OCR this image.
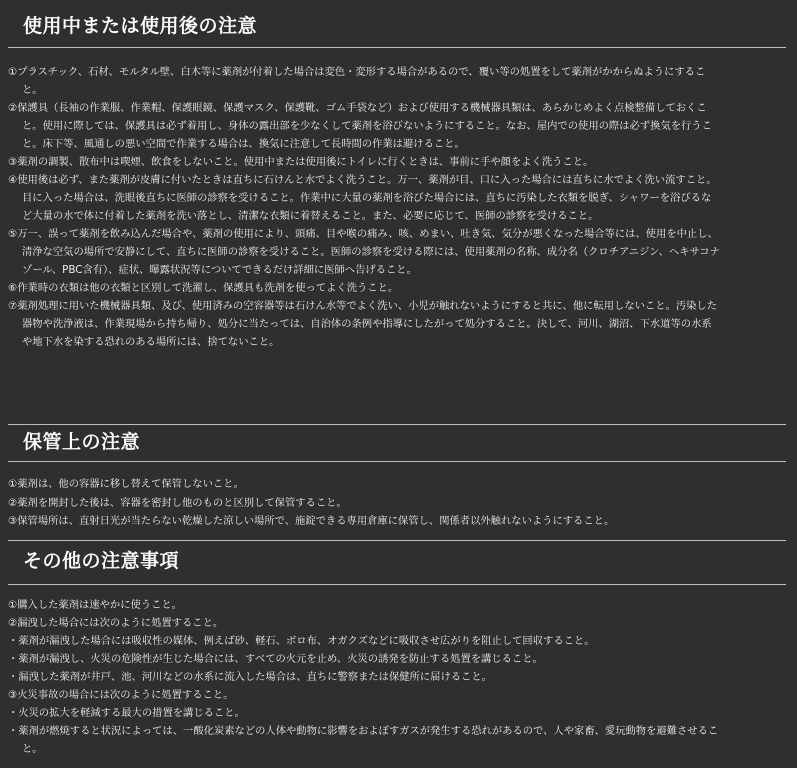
使用中または使用後の注意

①プラスチック、石材、モルタル壁、白木等に薬剤が付着した場合は変色・変形する場合があるので、覆い等の処置をして薬剤がかからぬようにすること。

②保護具（長袖の作業服、作業帽、保護眼鏡、保護マスク、保護靴、ゴム手袋など）および使用する機械器具類は、あらかじめよく点検整備しておくこと。使用に際しては、保護具は必ず着用し、身体の露出部を少なくして薬剤を浴びないようにすること。なお、屋内での使用の際は必ず換気を行うこと。床下等、風通しの悪い空間で作業する場合は、換気に注意して長時間の作業は避けること。

③薬剤の調製、散布中は喫煙、飲食をしないこと。使用中または使用後にトイレに行くときは、事前に手や顔をよく洗うこと。

④使用後は必ず、また薬剤が皮膚に付いたときは直ちに石けんと水でよく洗うこと。万一、薬剤が目、口に入った場合には直ちに水でよく洗い流すこと。目に入った場合は、洗眼後直ちに医師の診察を受けること。作業中に大量の薬剤を浴びた場合には、直ちに汚染した衣類を脱ぎ、シャワーを浴びるなど大量の水で体に付着した薬剤を洗い落とし、清潔な衣類に着替えること。また、必要に応じて、医師の診察を受けること。

⑤万一、誤って薬剤を飲み込んだ場合や、薬剤の使用により、頭痛、目や喉の痛み、咳、めまい、吐き気、気分が悪くなった場合等には、使用を中止し、清浄な空気の場所で安静にして、直ちに医師の診察を受けること。医師の診察を受ける際には、使用薬剤の名称、成分名（クロチアニジン、ヘキサコナゾール、PBC含有）、症状、曝露状況等についてできるだけ詳細に医師へ告げること。

⑥作業時の衣類は他の衣類と区別して洗濯し、保護具も洗剤を使ってよく洗うこと。

⑦薬剤処理に用いた機械器具類、及び、使用済みの空容器等は石けん水等でよく洗い、小児が触れないようにすると共に、他に転用しないこと。汚染した器物や洗浄液は、作業現場から持ち帰り、処分に当たっては、自治体の条例や指導にしたがって処分すること。決して、河川、湖沼、下水道等の水系や地下水を染する恐れのある場所には、捨てないこと。

保管上の注意

①薬剤は、他の容器に移し替えて保管しないこと。

②薬剤を開封した後は、容器を密封し他のものと区別して保管すること。

③保管場所は、直射日光が当たらない乾燥した涼しい場所で、施錠できる専用倉庫に保管し、関係者以外触れないようにすること。

その他の注意事項

①購入した薬剤は速やかに使うこと。

②漏洩した場合には次のように処置すること。

・薬剤が漏洩した場合には吸収性の媒体、例えば砂、軽石、ボロ布、オガクズなどに吸収させ広がりを阻止して回収すること。

・薬剤が漏洩し、火災の危険性が生じた場合には、すべての火元を止め、火災の誘発を防止する処置を講じること。

・漏洩した薬剤が井戸、池、河川などの水系に流入した場合は、直ちに警察または保健所に届けること。

③火災事故の場合には次のように処置すること。

・火災の拡大を軽減する最大の措置を講じること。

・薬剤が燃焼すると状況によっては、一酸化炭素などの人体や動物に影響をおよぼすガスが発生する恐れがあるので、人や家畜、愛玩動物を避難させること。
